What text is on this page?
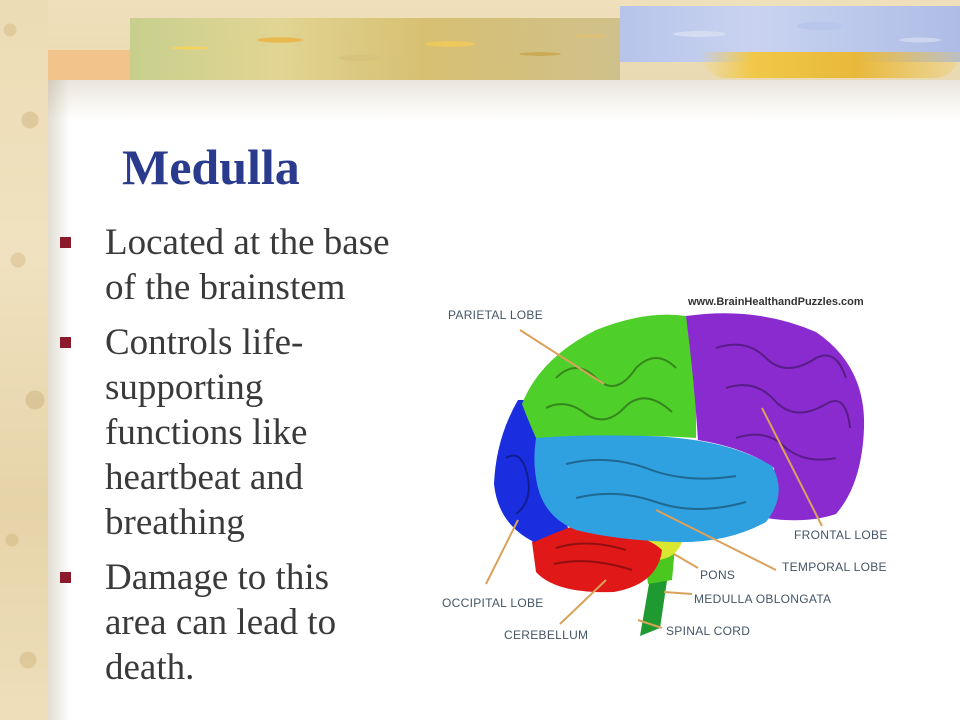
Medulla
Located at the base
of the brainstem
Controls life-
supporting
functions like
heartbeat and
breathing
Damage to this
area can lead to
death.
www.BrainHealthandPuzzles.com
PARIETAL LOBE
FRONTAL LOBE
TEMPORAL LOBE
PONS
OCCIPITAL LOBE	MEDULLA OBLONGATA
CEREBELLUM	SPINAL CORD
